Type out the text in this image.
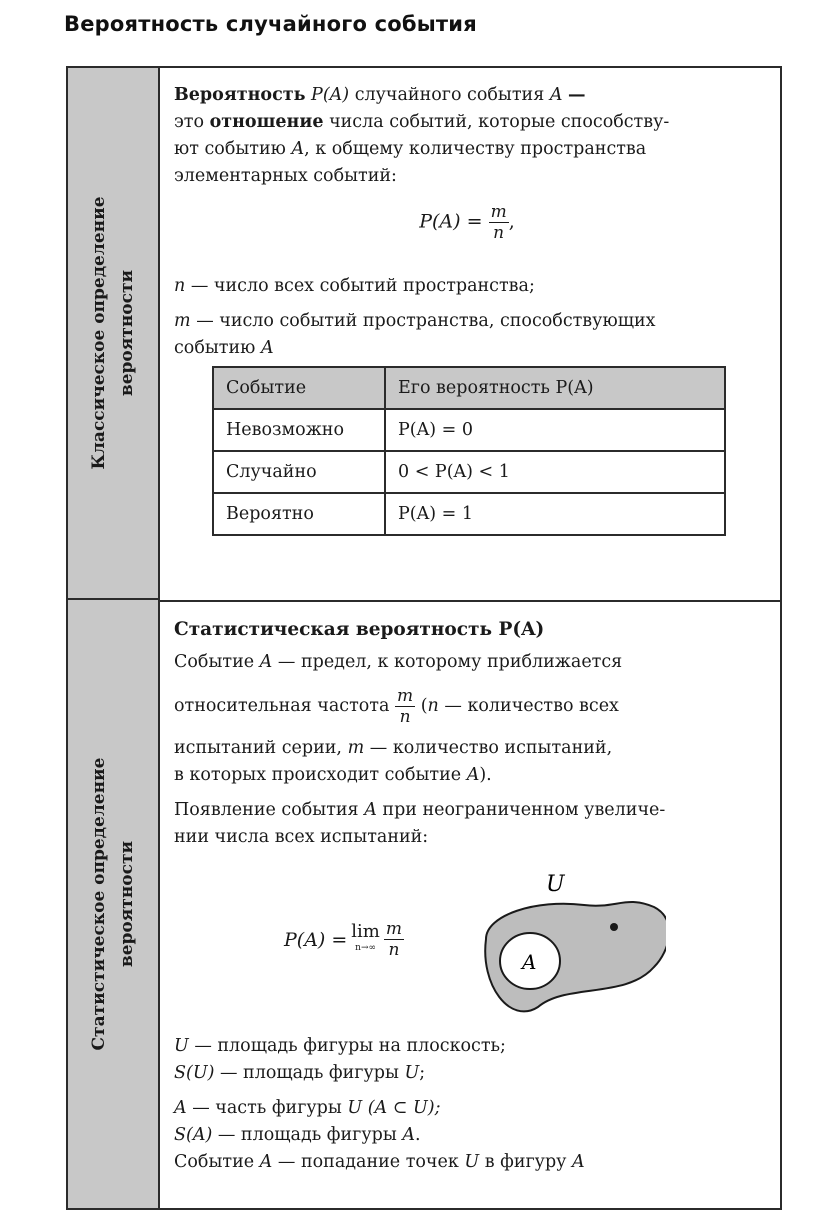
Вероятность случайного события
Классическое определение вероятности
Статистическое определение вероятности

Вероятность P(A) случайного события A —
это отношение числа событий, которые способству-
ют событию A, к общему количеству пространства
элементарных событий:

$P(A) = \frac{m}{n}$ ,

n — число всех событий пространства;

m — число событий пространства, способствующих
событию A

Событие	Его вероятность P(A)
Невозможно	P(A) = 0
Случайно	0 < P(A) < 1
Вероятно	P(A) = 1

Статистическая вероятность P(A)

Событие A — предел, к которому приближается
относительная частота $\frac{m}{n} (n$ — количество всех
испытаний серии, m — количество испытаний,
в которых происходит событие A).

Появление события A при неограниченном увеличе-
нии числа всех испытаний:

P(A) = lim
$n\to\infty \frac{m}{n}$
U
A

U — площадь фигуры на плоскость;
S(U) — площадь фигуры U;

A — часть фигуры U (A ⊂ U);
S(A) — площадь фигуры A.
Событие A — попадание точек U в фигуру A
